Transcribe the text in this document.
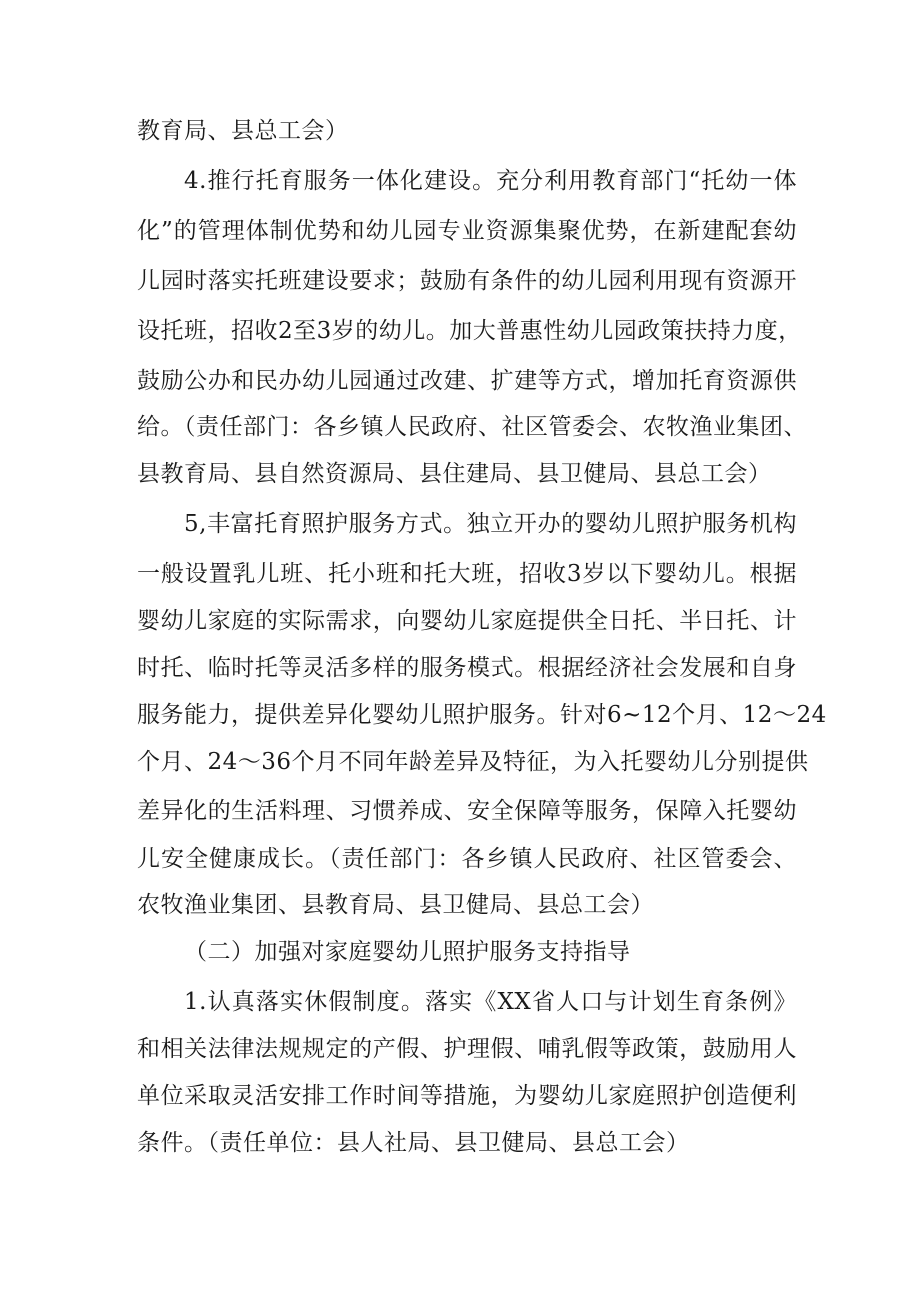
教育局、县总工会）
4.推行托育服务一体化建设。充分利用教育部门“托幼一体
化”的管理体制优势和幼儿园专业资源集聚优势，在新建配套幼
儿园时落实托班建设要求；鼓励有条件的幼儿园利用现有资源开
设托班，招收2至3岁的幼儿。加大普惠性幼儿园政策扶持力度，
鼓励公办和民办幼儿园通过改建、扩建等方式，增加托育资源供
给。（责任部门：各乡镇人民政府、社区管委会、农牧渔业集团、
县教育局、县自然资源局、县住建局、县卫健局、县总工会）
5,丰富托育照护服务方式。独立开办的婴幼儿照护服务机构
一般设置乳儿班、托小班和托大班，招收3岁以下婴幼儿。根据
婴幼儿家庭的实际需求，向婴幼儿家庭提供全日托、半日托、计
时托、临时托等灵活多样的服务模式。根据经济社会发展和自身
服务能力，提供差异化婴幼儿照护服务。针对6~12个月、12～24
个月、24～36个月不同年龄差异及特征，为入托婴幼儿分别提供
差异化的生活料理、习惯养成、安全保障等服务，保障入托婴幼
儿安全健康成长。（责任部门：各乡镇人民政府、社区管委会、
农牧渔业集团、县教育局、县卫健局、县总工会）
（二）加强对家庭婴幼儿照护服务支持指导
1.认真落实休假制度。落实《XX省人口与计划生育条例》
和相关法律法规规定的产假、护理假、哺乳假等政策，鼓励用人
单位采取灵活安排工作时间等措施，为婴幼儿家庭照护创造便利
条件。（责任单位：县人社局、县卫健局、县总工会）
